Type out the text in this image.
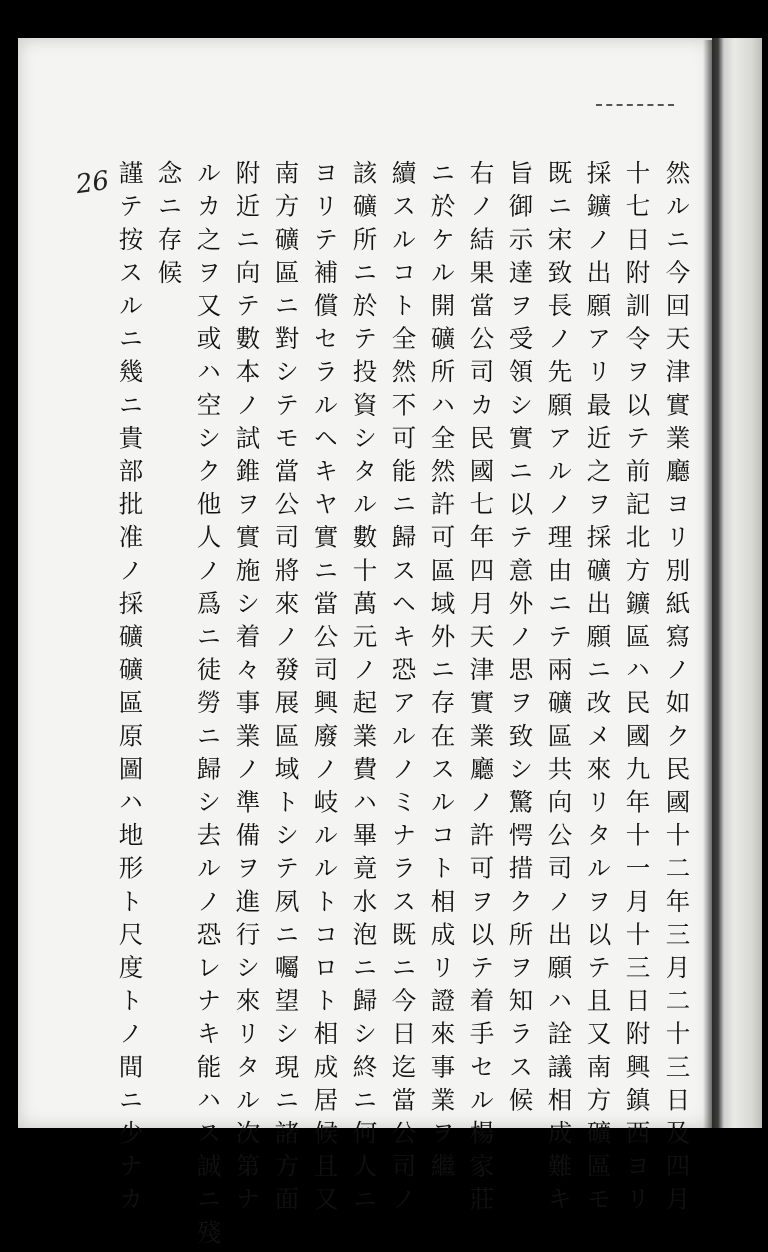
26	然ルニ今回天津實業廳ヨリ別紙寫ノ如ク民國十二年三月二十三日及四月
十七日附訓令ヲ以テ前記北方鑛區ハ民國九年十一月十三日附興鎮西ヨリ
採鑛ノ出願アリ最近之ヲ採礦出願ニ改メ來リタルヲ以テ且又南方礦區モ
既ニ宋致長ノ先願アルノ理由ニテ兩礦區共向公司ノ出願ハ詮議相成難キ
旨御示達ヲ受領シ實ニ以テ意外ノ思ヲ致シ驚愕措ク所ヲ知ラス候
右ノ結果當公司カ民國七年四月天津實業廳ノ許可ヲ以テ着手セル楊家莊
ニ於ケル開礦所ハ全然許可區域外ニ存在スルコト相成リ證來事業ヲ繼
續スルコト全然不可能ニ歸スヘキ恐アルノミナラス既ニ今日迄當公司ノ
該礦所ニ於テ投資シタル數十萬元ノ起業費ハ畢竟水泡ニ歸シ終ニ何人ニ
ヨリテ補償セラルヘキヤ實ニ當公司興廢ノ岐ルルトコロト相成居候且又
南方礦區ニ對シテモ當公司將來ノ發展區域トシテ夙ニ囑望シ現ニ諸方面
附近ニ向テ數本ノ試錐ヲ實施シ着々事業ノ準備ヲ進行シ來リタル次第ナ
ルカ之ヲ又或ハ空シク他人ノ爲ニ徒勞ニ歸シ去ルノ恐レナキ能ハス誠ニ殘
念ニ存候
謹テ按スルニ幾ニ貴部批准ノ採礦礦區原圖ハ地形ト尺度トノ間ニ少ナカ
